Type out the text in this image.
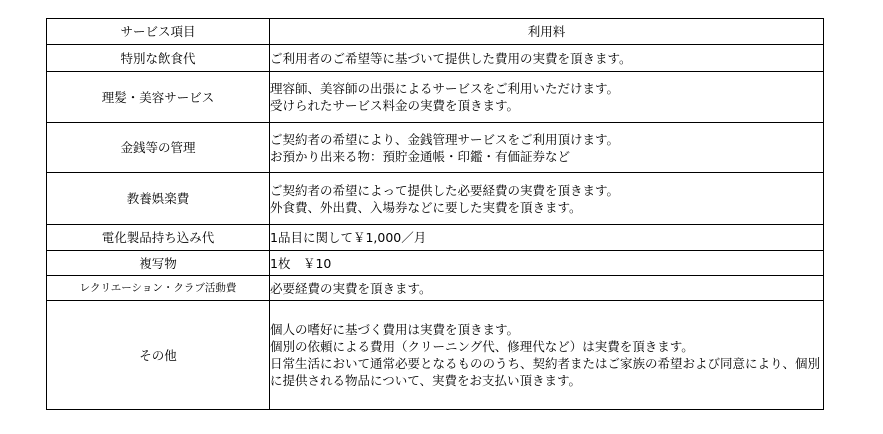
サービス項目	利用料
特別な飲食代	ご利用者のご希望等に基づいて提供した費用の実費を頂きます。

理髪・美容サービス	理容師、美容師の出張によるサービスをご利用いただけます。
受けられたサービス料金の実費を頂きます。

金銭等の管理	ご契約者の希望により、金銭管理サービスをご利用頂けます。
お預かり出来る物：預貯金通帳・印鑑・有価証券など

教養娯楽費	ご契約者の希望によって提供した必要経費の実費を頂きます。
外食費、外出費、入場券などに要した実費を頂きます。

電化製品持ち込み代	1品目に関して￥1,000／月

複写物	1枚　￥10

レクリエーション・クラブ活動費	必要経費の実費を頂きます。

その他	個人の嗜好に基づく費用は実費を頂きます。
個別の依頼による費用（クリーニング代、修理代など）は実費を頂きます。
日常生活において通常必要となるもののうち、契約者またはご家族の希望および同意により、個別に提供される物品について、実費をお支払い頂きます。
